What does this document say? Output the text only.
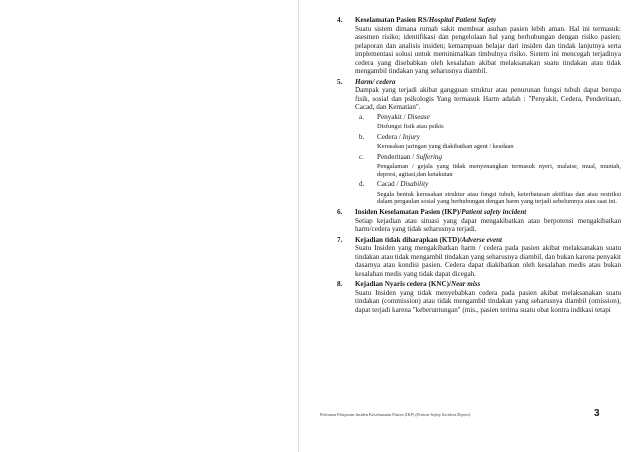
4. Keselamatan Pasien RS/Hospital Patient Safety

Suatu sistem dimana rumah sakit membuat asuhan pasien lebih aman. Hal ini termasuk: asesmen risiko; identifikasi dan pengelolaan hal yang berhubungan dengan risiko pasien; pelaporan dan analisis insiden; kemampuan belajar dari insiden dan tindak lanjutnya serta implementasi solusi untuk meminimalkan timbulnya risiko. Sistem ini mencegah terjadinya cedera yang disebabkan oleh kesalahan akibat melaksanakan suatu tindakan atau tidak mengambil tindakan yang seharusnya diambil.

5. Harm/ cedera

Dampak yang terjadi akibat gangguan struktur atau penurunan fungsi tubuh dapat berupa fisik, sosial dan psikologis Yang termasuk Harm adalah : "Penyakit, Cedera, Penderitaan, Cacad, dan Kematian".

a. Penyakit / Disease
Disfungsi fisik atau psikis
b. Cedera / Injury
Kerusakan jaringan yang diakibatkan agent / keadaan
c. Penderitaan / Suffering
Pengalaman / gejala yang tidak menyenangkan termasuk nyeri, malaise, mual, muntah, depresi, agitasi,dan ketakutan
d. Cacad / Disability
Segala bentuk kerusakan struktur atau fungsi tubuh, keterbatasan aktifitas dan atau restriksi dalam pergaulan sosial yang berhubungan dengan harm yang terjadi sebelumnya atau saat ini.
6. Insiden Keselamatan Pasien (IKP)/Patient safety incident

Setiap kejadian atau situasi yang dapat mengakibatkan atau berpotensi mengakibatkan harm/cedera yang tidak seharusnya terjadi.

7. Kejadian tidak diharapkan (KTD)/Adverse event

Suatu Insiden yang mengakibatkan harm / cedera pada pasien akibat melaksanakan suatu tindakan atau tidak mengambil tindakan yang seharusnya diambil, dan bukan karena penyakit dasarnya atau kondisi pasien. Cedera dapat diakibatkan oleh kesalahan medis atau bukan kesalahan medis yang tidak dapat dicegah.

8. Kejadian Nyaris cedera (KNC)/Near miss

Suatu Insiden yang tidak menyebabkan cedera pada pasien akibat melaksanakan suatu tindakan (commission) atau tidak mengambil tindakan yang seharusnya diambil (omission), dapat terjadi karena "keberuntungan" (mis., pasien terima suatu obat kontra indikasi tetapi

Pedoman Pelaporan Insiden Keselamatan Pasien (IKP) (Patient Safety Incident Report)	3
